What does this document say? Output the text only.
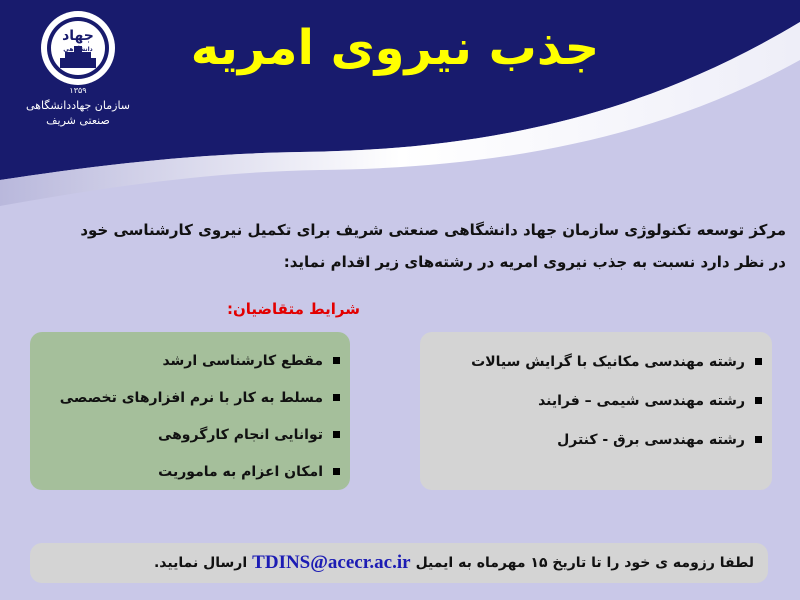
جهاد
دانشگاهی
۱۳۵۹
سازمان جهاددانشگاهی
صنعتی شریف
جذب نیروی امریه
مرکز توسعه تکنولوژی سازمان جهاد دانشگاهی صنعتی شریف برای تکمیل نیروی کارشناسی خود
در نظر دارد نسبت به جذب نیروی امریه در رشته‌های زیر اقدام نماید:
شرایط متقاضیان:
رشته مهندسی مکانیک با گرایش سیالات
رشته مهندسی شیمی – فرایند
رشته مهندسی برق - کنترل
مقطع کارشناسی ارشد
مسلط به کار با نرم افزارهای تخصصی
توانایی انجام کارگروهی
امکان اعزام به ماموریت
لطفا رزومه ی خود را تا تاریخ ۱۵ مهرماه به ایمیل
TDINS@acecr.ac.ir
ارسال نمایید.
